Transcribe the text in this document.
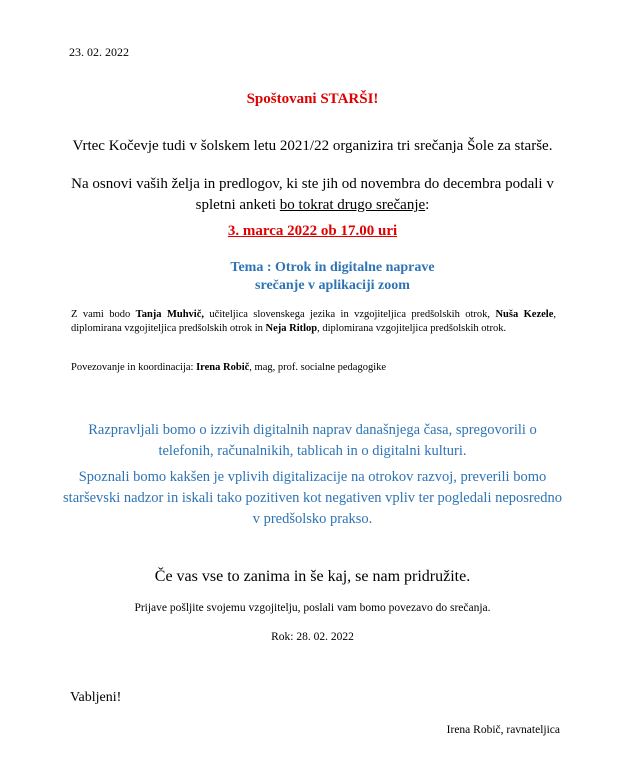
23. 02. 2022
Spoštovani STARŠI!
Vrtec Kočevje tudi v šolskem letu 2021/22 organizira tri srečanja Šole za starše.
Na osnovi vaših želja in predlogov, ki ste jih od novembra do decembra podali v spletni anketi bo tokrat drugo srečanje:
3. marca 2022 ob 17.00 uri
Tema : Otrok in digitalne naprave
srečanje v aplikaciji zoom
Z vami bodo Tanja Muhvič, učiteljica slovenskega jezika in vzgojiteljica predšolskih otrok, Nuša Kezele, diplomirana vzgojiteljica predšolskih otrok in Neja Ritlop, diplomirana vzgojiteljica predšolskih otrok.
Povezovanje in koordinacija: Irena Robič, mag, prof. socialne pedagogike
Razpravljali bomo o izzivih digitalnih naprav današnjega časa, spregovorili o telefonih, računalnikih, tablicah in o digitalni kulturi.
Spoznali bomo kakšen je vplivih digitalizacije na otrokov razvoj, preverili bomo starševski nadzor in iskali tako pozitiven kot negativen vpliv ter pogledali neposredno v predšolsko prakso.
Če vas vse to zanima in še kaj, se nam pridružite.
Prijave pošljite svojemu vzgojitelju, poslali vam bomo povezavo do srečanja.
Rok: 28. 02. 2022
Vabljeni!
Irena Robič, ravnateljica
